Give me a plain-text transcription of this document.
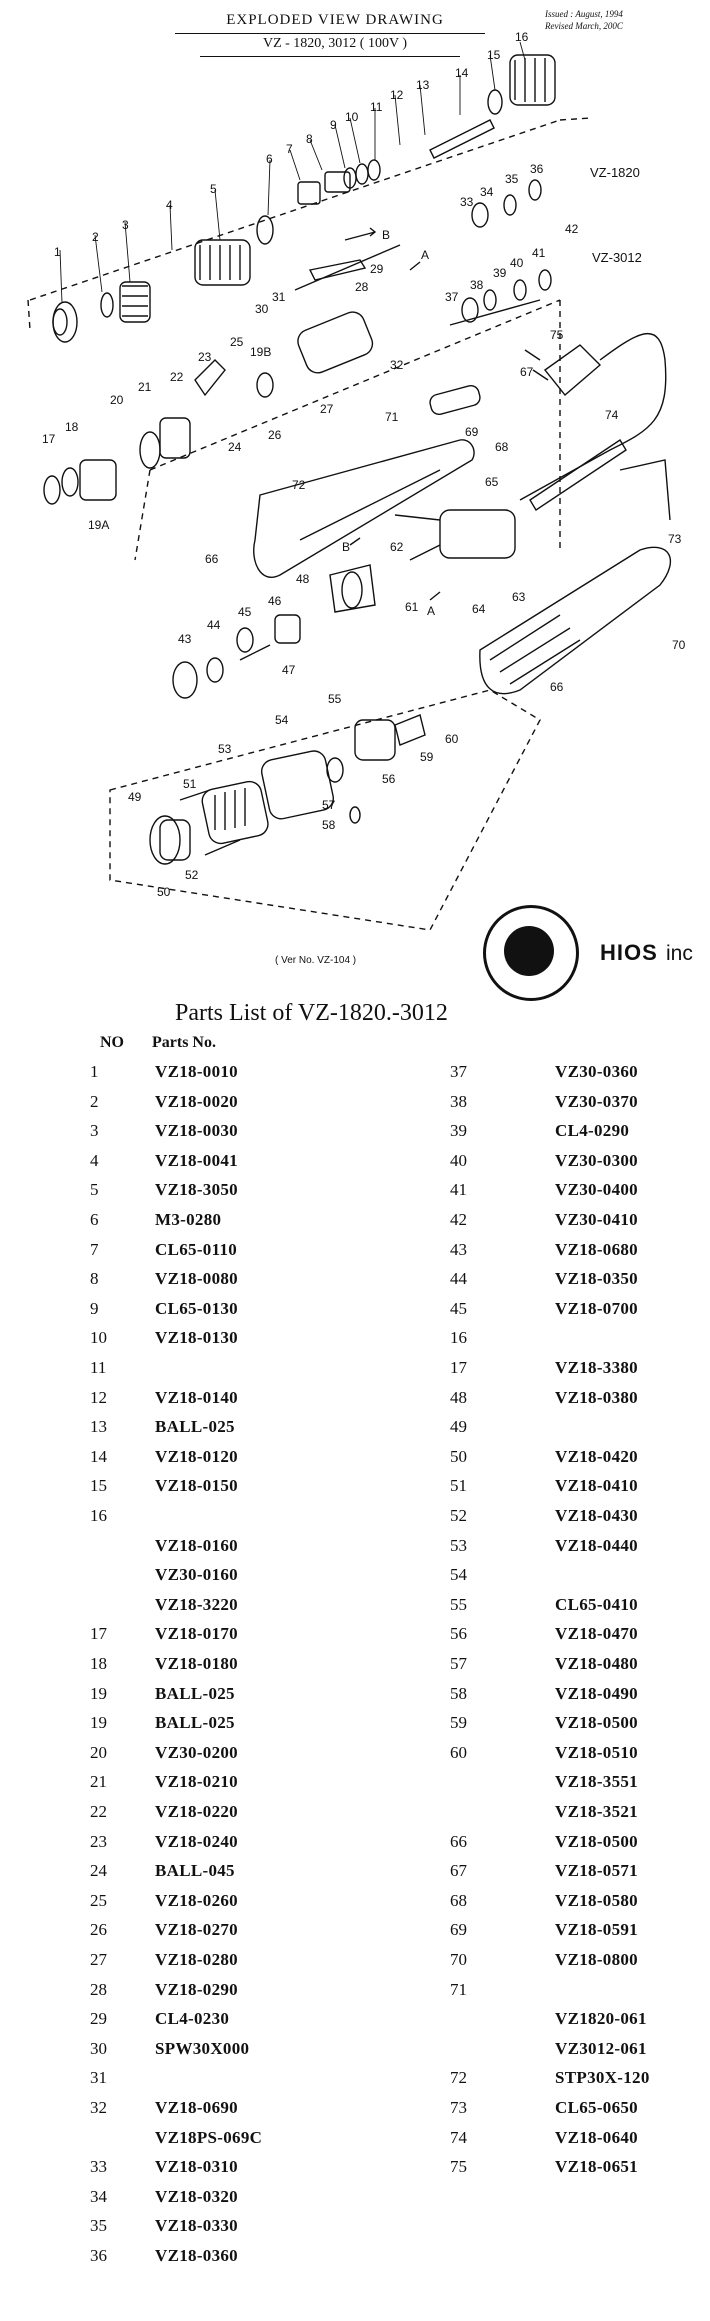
EXPLODED VIEW DRAWING
VZ - 1820, 3012 ( 100V )
Issued : August, 1994
Revised March, 200C
1
2
3
4
5
6
7
8
9
10
11
12
13
14
15
16
17
18
19A
19B
20
21
22
23
24
25
26
27
28
29
30
31
32
33
34
35
36
37
38
39
40
41
42
43
44
45
46
47
48
49
50
51
52
53
54
55
56
57
58
59
60
61
62
63
64
65
66
66
67
68
69
70
71
72
73
74
75
A
B
A
B
VZ-1820
VZ-3012
HIOS inc
( Ver No. VZ-104 )
Parts List of VZ-1820.-3012
NO Parts No.
1	VZ18-0010
2	VZ18-0020
3	VZ18-0030
4	VZ18-0041
5	VZ18-3050
6	M3-0280
7	CL65-0110
8	VZ18-0080
9	CL65-0130
10	VZ18-0130
11
12	VZ18-0140
13	BALL-025
14	VZ18-0120
15	VZ18-0150
16
VZ18-0160
VZ30-0160
VZ18-3220
17	VZ18-0170
18	VZ18-0180
19	BALL-025
19	BALL-025
20	VZ30-0200
21	VZ18-0210
22	VZ18-0220
23	VZ18-0240
24	BALL-045
25	VZ18-0260
26	VZ18-0270
27	VZ18-0280
28	VZ18-0290
29	CL4-0230
30	SPW30X000
31
32	VZ18-0690
VZ18PS-069C
33	VZ18-0310
34	VZ18-0320
35	VZ18-0330
36	VZ18-0360
37	VZ30-0360
38	VZ30-0370
39	CL4-0290
40	VZ30-0300
41	VZ30-0400
42	VZ30-0410
43	VZ18-0680
44	VZ18-0350
45	VZ18-0700
16
17	VZ18-3380
48	VZ18-0380
49
50	VZ18-0420
51	VZ18-0410
52	VZ18-0430
53	VZ18-0440
54
55	CL65-0410
56	VZ18-0470
57	VZ18-0480
58	VZ18-0490
59	VZ18-0500
60	VZ18-0510
VZ18-3551
VZ18-3521
66	VZ18-0500
67	VZ18-0571
68	VZ18-0580
69	VZ18-0591
70	VZ18-0800
71
VZ1820-061
VZ3012-061
72	STP30X-120
73	CL65-0650
74	VZ18-0640
75	VZ18-0651
